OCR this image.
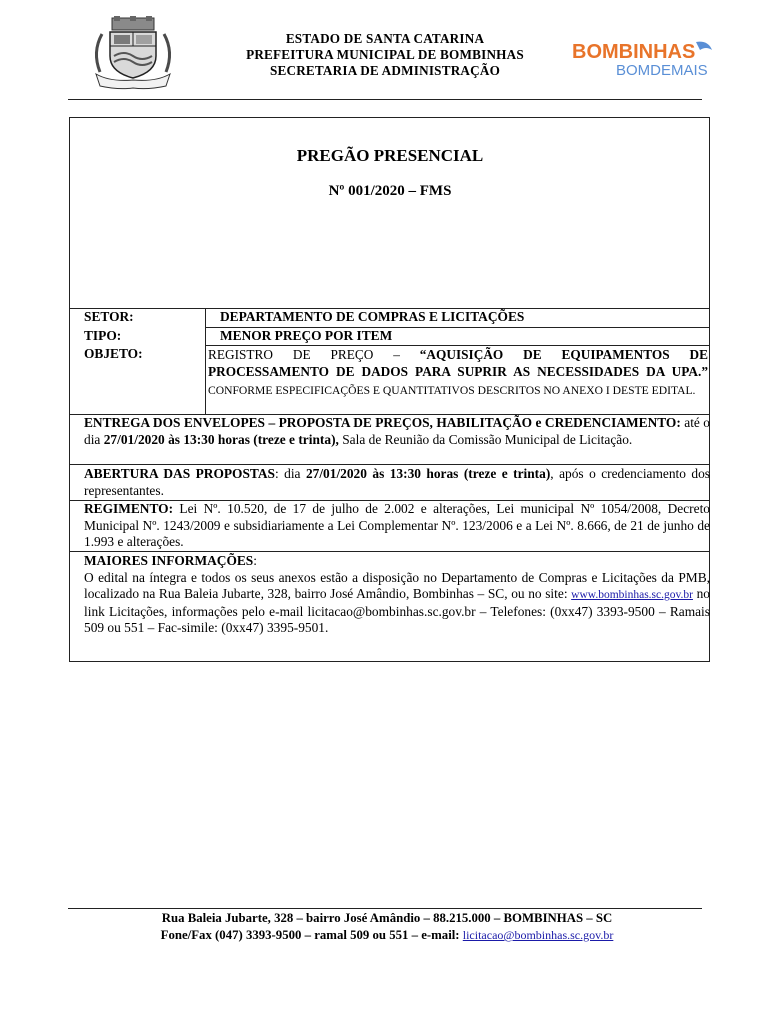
ESTADO DE SANTA CATARINA
PREFEITURA MUNICIPAL DE BOMBINHAS
SECRETARIA DE ADMINISTRAÇÃO
BOMBINHAS
BOMDEMAIS
PREGÃO PRESENCIAL
Nº 001/2020 – FMS
SETOR:	DEPARTAMENTO DE COMPRAS E LICITAÇÕES
TIPO:	MENOR PREÇO POR ITEM
OBJETO:	REGISTRO DE PREÇO – “AQUISIÇÃO DE EQUIPAMENTOS DE PROCESSAMENTO DE DADOS PARA SUPRIR AS NECESSIDADES DA UPA.” CONFORME ESPECIFICAÇÕES E QUANTITATIVOS DESCRITOS NO ANEXO I DESTE EDITAL.
ENTREGA DOS ENVELOPES – PROPOSTA DE PREÇOS, HABILITAÇÃO e CREDENCIAMENTO: até o dia 27/01/2020 às 13:30 horas (treze e trinta), Sala de Reunião da Comissão Municipal de Licitação.
ABERTURA DAS PROPOSTAS: dia 27/01/2020 às 13:30 horas (treze e trinta), após o credenciamento dos representantes.
REGIMENTO: Lei Nº. 10.520, de 17 de julho de 2.002 e alterações, Lei municipal Nº 1054/2008, Decreto Municipal Nº. 1243/2009 e subsidiariamente a Lei Complementar Nº. 123/2006 e a Lei Nº. 8.666, de 21 de junho de 1.993 e alterações.
MAIORES INFORMAÇÕES:
O edital na íntegra e todos os seus anexos estão a disposição no Departamento de Compras e Licitações da PMB, localizado na Rua Baleia Jubarte, 328, bairro José Amândio, Bombinhas – SC, ou no site: www.bombinhas.sc.gov.br no link Licitações, informações pelo e-mail licitacao@bombinhas.sc.gov.br – Telefones: (0xx47) 3393-9500 – Ramais 509 ou 551 – Fac-simile: (0xx47) 3395-9501.
Rua Baleia Jubarte, 328 – bairro José Amândio – 88.215.000 – BOMBINHAS – SC
Fone/Fax (047) 3393-9500 – ramal 509 ou 551 – e-mail: licitacao@bombinhas.sc.gov.br
